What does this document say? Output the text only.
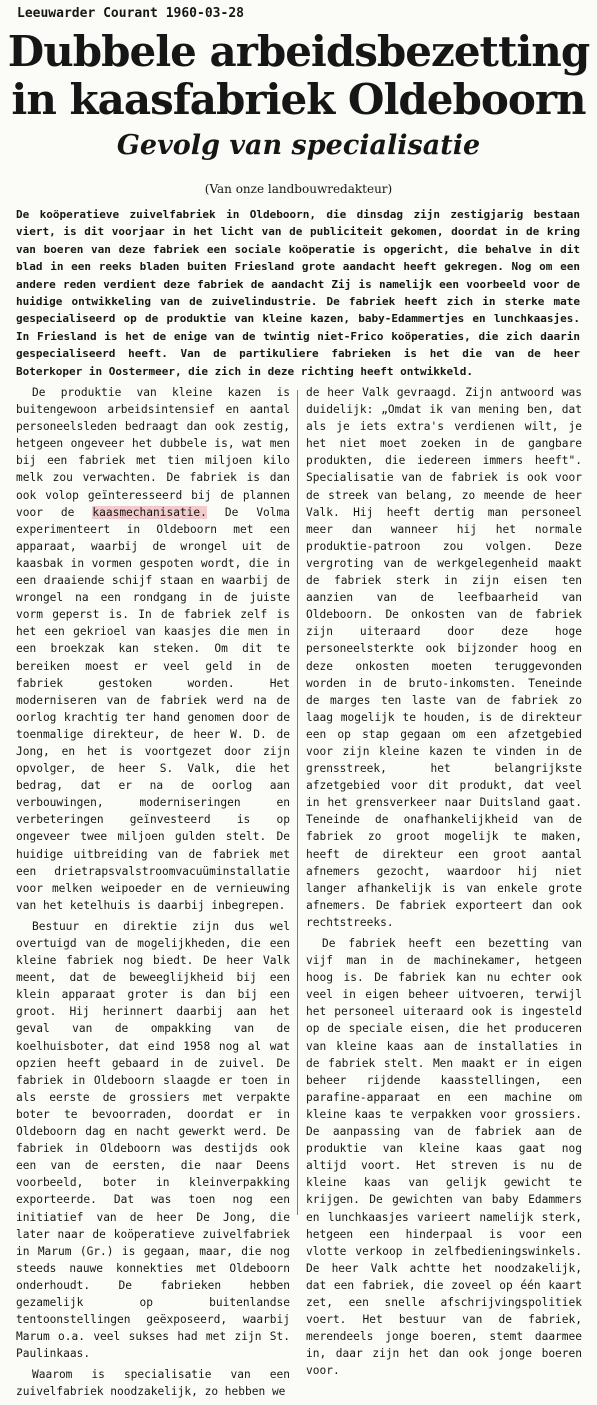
Leeuwarder Courant 1960-03-28
Dubbele arbeidsbezetting
in kaasfabriek Oldeboorn
Gevolg van specialisatie
(Van onze landbouwredakteur)

De koöperatieve zuivelfabriek in Oldeboorn, die dinsdag zijn zestigjarig bestaan viert, is dit voorjaar in het licht van de publiciteit gekomen, doordat in de kring van boeren van deze fabriek een sociale koöperatie is opgericht, die behalve in dit blad in een reeks bladen buiten Friesland grote aandacht heeft gekregen. Nog om een andere reden verdient deze fabriek de aandacht Zij is namelijk een voorbeeld voor de huidige ontwikkeling van de zuivelindustrie. De fabriek heeft zich in sterke mate gespecialiseerd op de produktie van kleine kazen, baby-Edammertjes en lunchkaasjes. In Friesland is het de enige van de twintig niet-Frico koöperaties, die zich daarin gespecialiseerd heeft. Van de partikuliere fabrieken is het die van de heer Boterkoper in Oostermeer, die zich in deze richting heeft ontwikkeld.

De produktie van kleine kazen is buitengewoon arbeidsintensief en aantal personeelsleden bedraagt dan ook zestig, hetgeen ongeveer het dubbele is, wat men bij een fabriek met tien miljoen kilo melk zou verwachten. De fabriek is dan ook volop geïnteresseerd bij de plannen voor de kaasmechanisatie. De Volma experimenteert in Oldeboorn met een apparaat, waarbij de wrongel uit de kaasbak in vormen gespoten wordt, die in een draaiende schijf staan en waarbij de wrongel na een rondgang in de juiste vorm geperst is. In de fabriek zelf is het een gekrioel van kaasjes die men in een broekzak kan steken. Om dit te bereiken moest er veel geld in de fabriek gestoken worden. Het moderniseren van de fabriek werd na de oorlog krachtig ter hand genomen door de toenmalige direkteur, de heer W. D. de Jong, en het is voortgezet door zijn opvolger, de heer S. Valk, die het bedrag, dat er na de oorlog aan verbouwingen, moderniseringen en verbeteringen geïnvesteerd is op ongeveer twee miljoen gulden stelt. De huidige uitbreiding van de fabriek met een drietrapsvalstroomvacuüminstallatie voor melken weipoeder en de vernieuwing van het ketelhuis is daarbij inbegrepen.

Bestuur en direktie zijn dus wel overtuigd van de mogelijkheden, die een kleine fabriek nog biedt. De heer Valk meent, dat de beweeglijkheid bij een klein apparaat groter is dan bij een groot. Hij herinnert daarbij aan het geval van de ompakking van de koelhuisboter, dat eind 1958 nog al wat opzien heeft gebaard in de zuivel. De fabriek in Oldeboorn slaagde er toen in als eerste de grossiers met verpakte boter te bevoorraden, doordat er in Oldeboorn dag en nacht gewerkt werd. De fabriek in Oldeboorn was destijds ook een van de eersten, die naar Deens voorbeeld, boter in kleinverpakking exporteerde. Dat was toen nog een initiatief van de heer De Jong, die later naar de koöperatieve zuivelfabriek in Marum (Gr.) is gegaan, maar, die nog steeds nauwe konnekties met Oldeboorn onderhoudt. De fabrieken hebben gezamelijk op buitenlandse tentoonstellingen geëxposeerd, waarbij Marum o.a. veel sukses had met zijn St. Paulinkaas.

Waarom is specialisatie van een zuivelfabriek noodzakelijk, zo hebben we

de heer Valk gevraagd. Zijn antwoord was duidelijk: „Omdat ik van mening ben, dat als je iets extra's verdienen wilt, je het niet moet zoeken in de gangbare produkten, die iedereen immers heeft". Specialisatie van de fabriek is ook voor de streek van belang, zo meende de heer Valk. Hij heeft dertig man personeel meer dan wanneer hij het normale produktie-patroon zou volgen. Deze vergroting van de werkgelegenheid maakt de fabriek sterk in zijn eisen ten aanzien van de leefbaarheid van Oldeboorn. De onkosten van de fabriek zijn uiteraard door deze hoge personeelsterkte ook bijzonder hoog en deze onkosten moeten teruggevonden worden in de bruto-inkomsten. Teneinde de marges ten laste van de fabriek zo laag mogelijk te houden, is de direkteur een op stap gegaan om een afzetgebied voor zijn kleine kazen te vinden in de grensstreek, het belangrijkste afzetgebied voor dit produkt, dat veel in het grensverkeer naar Duitsland gaat. Teneinde de onafhankelijkheid van de fabriek zo groot mogelijk te maken, heeft de direkteur een groot aantal afnemers gezocht, waardoor hij niet langer afhankelijk is van enkele grote afnemers. De fabriek exporteert dan ook rechtstreeks.

De fabriek heeft een bezetting van vijf man in de machinekamer, hetgeen hoog is. De fabriek kan nu echter ook veel in eigen beheer uitvoeren, terwijl het personeel uiteraard ook is ingesteld op de speciale eisen, die het produceren van kleine kaas aan de installaties in de fabriek stelt. Men maakt er in eigen beheer rijdende kaasstellingen, een parafine-apparaat en een machine om kleine kaas te verpakken voor grossiers. De aanpassing van de fabriek aan de produktie van kleine kaas gaat nog altijd voort. Het streven is nu de kleine kaas van gelijk gewicht te krijgen. De gewichten van baby Edammers en lunchkaasjes varieert namelijk sterk, hetgeen een hinderpaal is voor een vlotte verkoop in zelfbedieningswinkels. De heer Valk achtte het noodzakelijk, dat een fabriek, die zoveel op één kaart zet, een snelle afschrijvingspolitiek voert. Het bestuur van de fabriek, merendeels jonge boeren, stemt daarmee in, daar zijn het dan ook jonge boeren voor.
